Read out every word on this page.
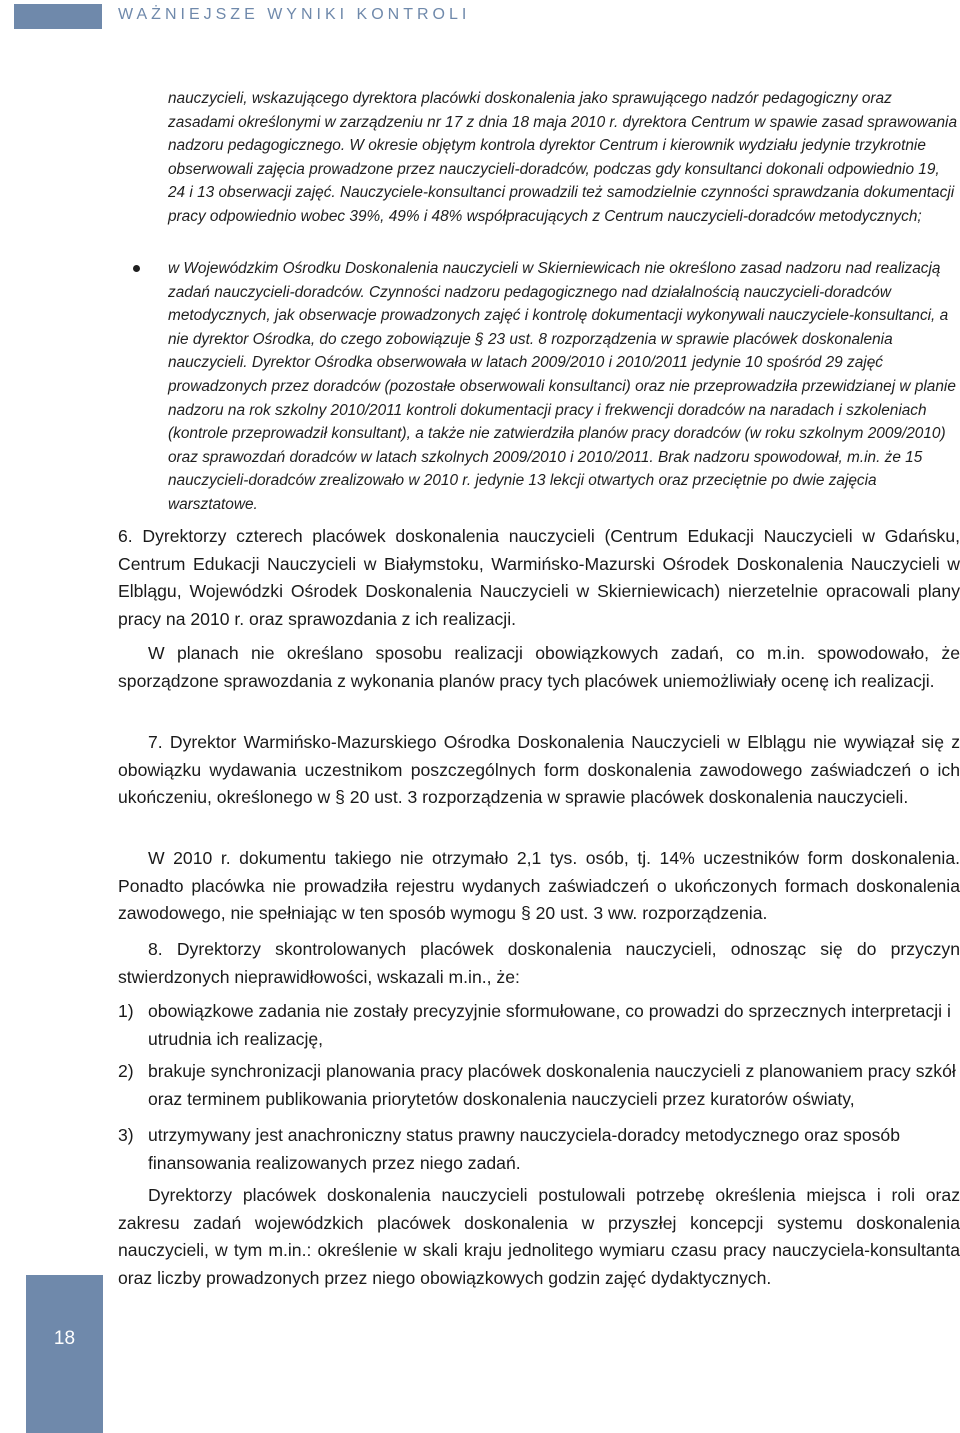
WAŻNIEJSZE WYNIKI KONTROLI
nauczycieli, wskazującego dyrektora placówki doskonalenia jako sprawującego nadzór pedagogiczny oraz zasadami określonymi w zarządzeniu nr 17 z dnia 18 maja 2010 r. dyrektora Centrum w spawie zasad sprawowania nadzoru pedagogicznego. W okresie objętym kontrola dyrektor Centrum i kierownik wydziału jedynie trzykrotnie obserwowali zajęcia prowadzone przez nauczycieli-doradców, podczas gdy konsultanci dokonali odpowiednio 19, 24 i 13 obserwacji zajęć. Nauczyciele-konsultanci prowadzili też samodzielnie czynności sprawdzania dokumentacji pracy odpowiednio wobec 39%, 49% i 48% współpracujących z Centrum nauczycieli-doradców metodycznych;
w Wojewódzkim Ośrodku Doskonalenia nauczycieli w Skierniewicach nie określono zasad nadzoru nad realizacją zadań nauczycieli-doradców. Czynności nadzoru pedagogicznego nad działalnością nauczycieli-doradców metodycznych, jak obserwacje prowadzonych zajęć i kontrolę dokumentacji wykonywali nauczyciele-konsultanci, a nie dyrektor Ośrodka, do czego zobowiązuje § 23 ust. 8 rozporządzenia w sprawie placówek doskonalenia nauczycieli. Dyrektor Ośrodka obserwowała w latach 2009/2010 i 2010/2011 jedynie 10 spośród 29 zajęć prowadzonych przez doradców (pozostałe obserwowali konsultanci) oraz nie przeprowadziła przewidzianej w planie nadzoru na rok szkolny 2010/2011 kontroli dokumentacji pracy i frekwencji doradców na naradach i szkoleniach (kontrole przeprowadził konsultant), a także nie zatwierdziła planów pracy doradców (w roku szkolnym 2009/2010) oraz sprawozdań doradców w latach szkolnych 2009/2010 i 2010/2011. Brak nadzoru spowodował, m.in. że 15 nauczycieli-doradców zrealizowało w 2010 r. jedynie 13 lekcji otwartych oraz przeciętnie po dwie zajęcia warsztatowe.

6. Dyrektorzy czterech placówek doskonalenia nauczycieli (Centrum Edukacji Nauczycieli w Gdańsku, Centrum Edukacji Nauczycieli w Białymstoku, Warmińsko-Mazurski Ośrodek Doskonalenia Nauczycieli w Elblągu, Wojewódzki Ośrodek Doskonalenia Nauczycieli w Skierniewicach) nierzetelnie opracowali plany pracy na 2010 r. oraz sprawozdania z ich realizacji.

W planach nie określano sposobu realizacji obowiązkowych zadań, co m.in. spowodowało, że sporządzone sprawozdania z wykonania planów pracy tych placówek uniemożliwiały ocenę ich realizacji.

7. Dyrektor Warmińsko-Mazurskiego Ośrodka Doskonalenia Nauczycieli w Elblągu nie wywiązał się z obowiązku wydawania uczestnikom poszczególnych form doskonalenia zawodowego zaświadczeń o ich ukończeniu, określonego w § 20 ust. 3 rozporządzenia w sprawie placówek doskonalenia nauczycieli.

W 2010 r. dokumentu takiego nie otrzymało 2,1 tys. osób, tj. 14% uczestników form doskonalenia. Ponadto placówka nie prowadziła rejestru wydanych zaświadczeń o ukończonych formach doskonalenia zawodowego, nie spełniając w ten sposób wymogu § 20 ust. 3 ww. rozporządzenia.

8. Dyrektorzy skontrolowanych placówek doskonalenia nauczycieli, odnosząc się do przyczyn stwierdzonych nieprawidłowości, wskazali m.in., że:

1) obowiązkowe zadania nie zostały precyzyjnie sformułowane, co prowadzi do sprzecznych interpretacji i utrudnia ich realizację,
2) brakuje synchronizacji planowania pracy placówek doskonalenia nauczycieli z planowaniem pracy szkół oraz terminem publikowania priorytetów doskonalenia nauczycieli przez kuratorów oświaty,
3) utrzymywany jest anachroniczny status prawny nauczyciela-doradcy metodycznego oraz sposób finansowania realizowanych przez niego zadań.

Dyrektorzy placówek doskonalenia nauczycieli postulowali potrzebę określenia miejsca i roli oraz zakresu zadań wojewódzkich placówek doskonalenia w przyszłej koncepcji systemu doskonalenia nauczycieli, w tym m.in.: określenie w skali kraju jednolitego wymiaru czasu pracy nauczyciela-konsultanta oraz liczby prowadzonych przez niego obowiązkowych godzin zajęć dydaktycznych.

18
